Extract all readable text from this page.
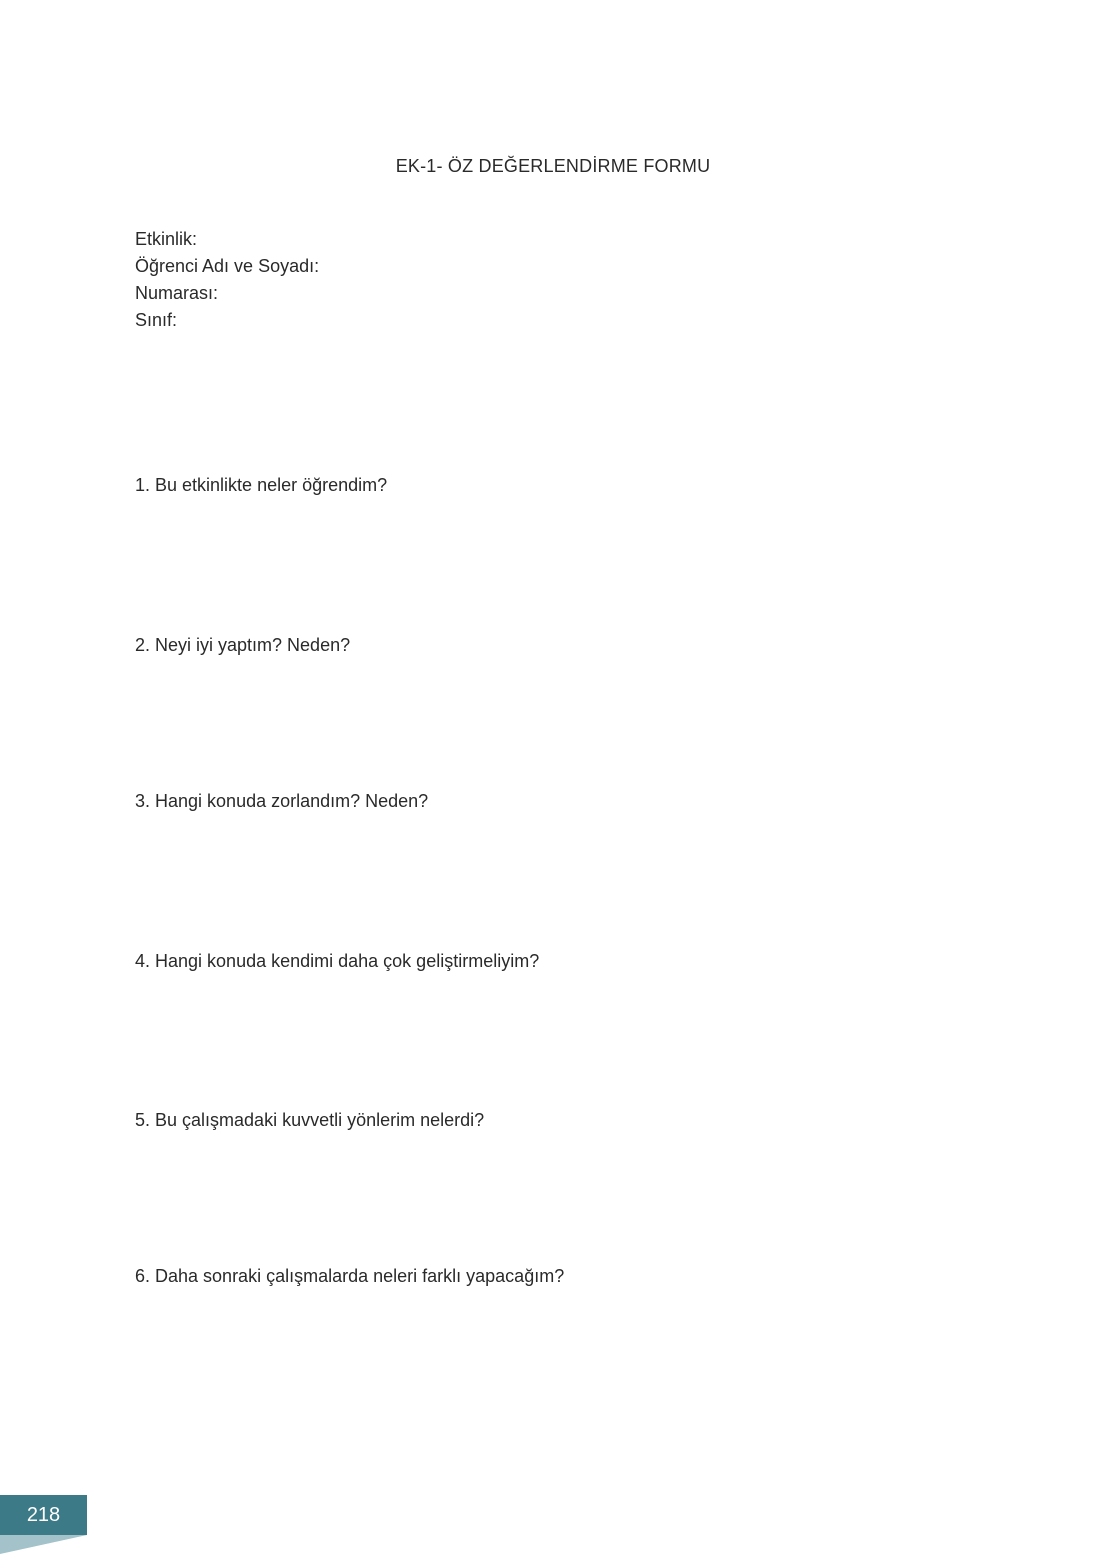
EK-1- ÖZ DEĞERLENDİRME FORMU
Etkinlik:
Öğrenci Adı ve Soyadı:
Numarası:
Sınıf:
1. Bu etkinlikte neler öğrendim?
2. Neyi iyi yaptım? Neden?
3. Hangi konuda zorlandım? Neden?
4. Hangi konuda kendimi daha çok geliştirmeliyim?
5. Bu çalışmadaki kuvvetli yönlerim nelerdi?
6. Daha sonraki çalışmalarda neleri farklı yapacağım?
218
